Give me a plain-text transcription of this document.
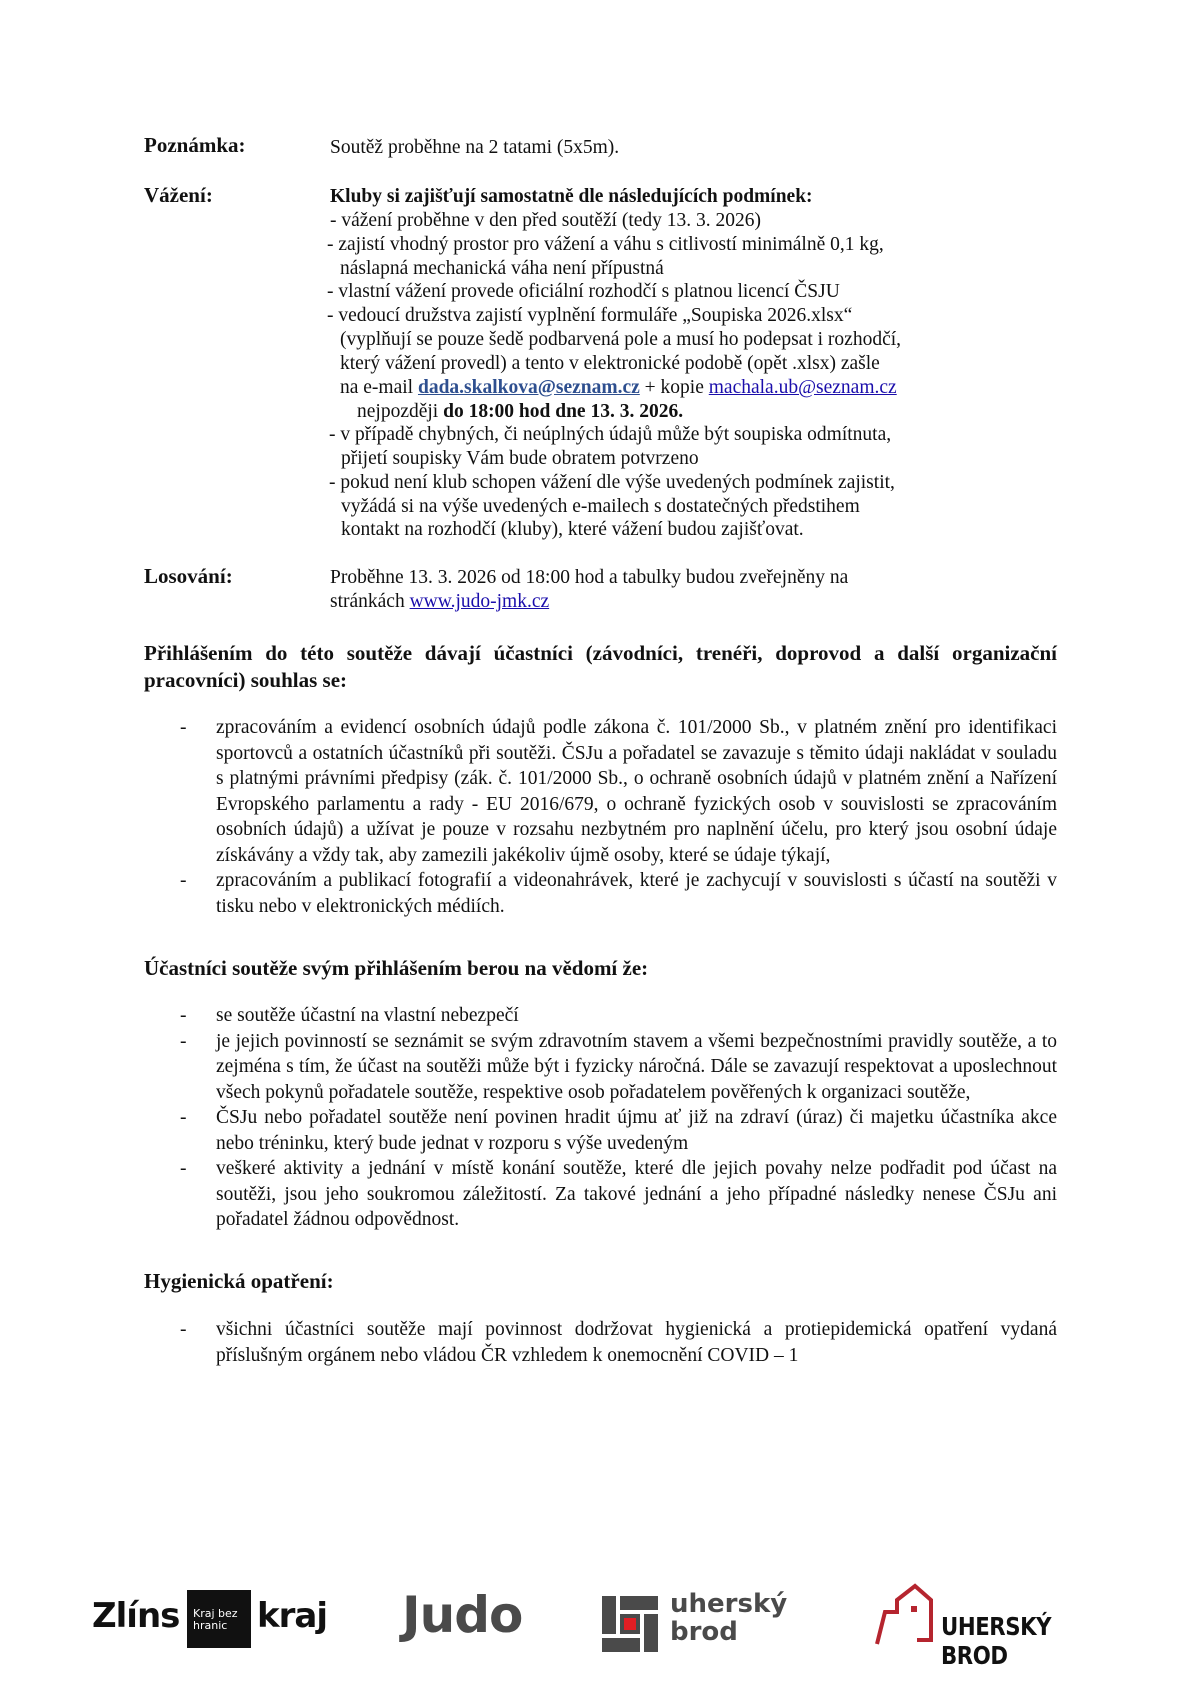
Poznámka:	Soutěž proběhne na 2 tatami (5x5m).
Vážení:	Kluby si zajišťují samostatně dle následujících podmínek:
- vážení proběhne v den před soutěží (tedy 13. 3. 2026)
- zajistí vhodný prostor pro vážení a váhu s citlivostí minimálně 0,1 kg,
náslapná mechanická váha není přípustná
- vlastní vážení provede oficiální rozhodčí s platnou licencí ČSJU
- vedoucí družstva zajistí vyplnění formuláře „Soupiska 2026.xlsx“
(vyplňují se pouze šedě podbarvená pole a musí ho podepsat i rozhodčí,
který vážení provedl) a tento v elektronické podobě (opět .xlsx) zašle
na e-mail dada.skalkova@seznam.cz + kopie machala.ub@seznam.cz
nejpozději do 18:00 hod dne 13. 3. 2026.
- v případě chybných, či neúplných údajů může být soupiska odmítnuta,
přijetí soupisky Vám bude obratem potvrzeno
- pokud není klub schopen vážení dle výše uvedených podmínek zajistit,
vyžádá si na výše uvedených e-mailech s dostatečných předstihem
kontakt na rozhodčí (kluby), které vážení budou zajišťovat.
Losování:	Proběhne 13. 3. 2026 od 18:00 hod a tabulky budou zveřejněny na
stránkách www.judo-jmk.cz
Přihlášením do této soutěže dávají účastníci (závodníci, trenéři, doprovod a další organizační pracovníci) souhlas se:
- zpracováním a evidencí osobních údajů podle zákona č. 101/2000 Sb., v platném znění pro identifikaci sportovců a ostatních účastníků při soutěži. ČSJu a pořadatel se zavazuje s těmito údaji nakládat v souladu s platnými právními předpisy (zák. č. 101/2000 Sb., o ochraně osobních údajů v platném znění a Nařízení Evropského parlamentu a rady - EU 2016/679, o ochraně fyzických osob v souvislosti se zpracováním osobních údajů) a užívat je pouze v rozsahu nezbytném pro naplnění účelu, pro který jsou osobní údaje získávány a vždy tak, aby zamezili jakékoliv újmě osoby, které se údaje týkají,
- zpracováním a publikací fotografií a videonahrávek, které je zachycují v souvislosti s účastí na soutěži v tisku nebo v elektronických médiích.
Účastníci soutěže svým přihlášením berou na vědomí že:
- se soutěže účastní na vlastní nebezpečí
- je jejich povinností se seznámit se svým zdravotním stavem a všemi bezpečnostními pravidly soutěže, a to zejména s tím, že účast na soutěži může být i fyzicky náročná. Dále se zavazují respektovat a uposlechnout všech pokynů pořadatele soutěže, respektive osob pořadatelem pověřených k organizaci soutěže,
- ČSJu nebo pořadatel soutěže není povinen hradit újmu ať již na zdraví (úraz) či majetku účastníka akce nebo tréninku, který bude jednat v rozporu s výše uvedeným
- veškeré aktivity a jednání v místě konání soutěže, které dle jejich povahy nelze podřadit pod účast na soutěži, jsou jeho soukromou záležitostí. Za takové jednání a jeho případné následky nenese ČSJu ani pořadatel žádnou odpovědnost.
Hygienická opatření:
- všichni účastníci soutěže mají povinnost dodržovat hygienická a protiepidemická opatření vydaná příslušným orgánem nebo vládou ČR vzhledem k onemocnění COVID – 1
Zlíns	Kraj bez hranic kraj Judo	uherský
brod	UHERSKÝ BROD
